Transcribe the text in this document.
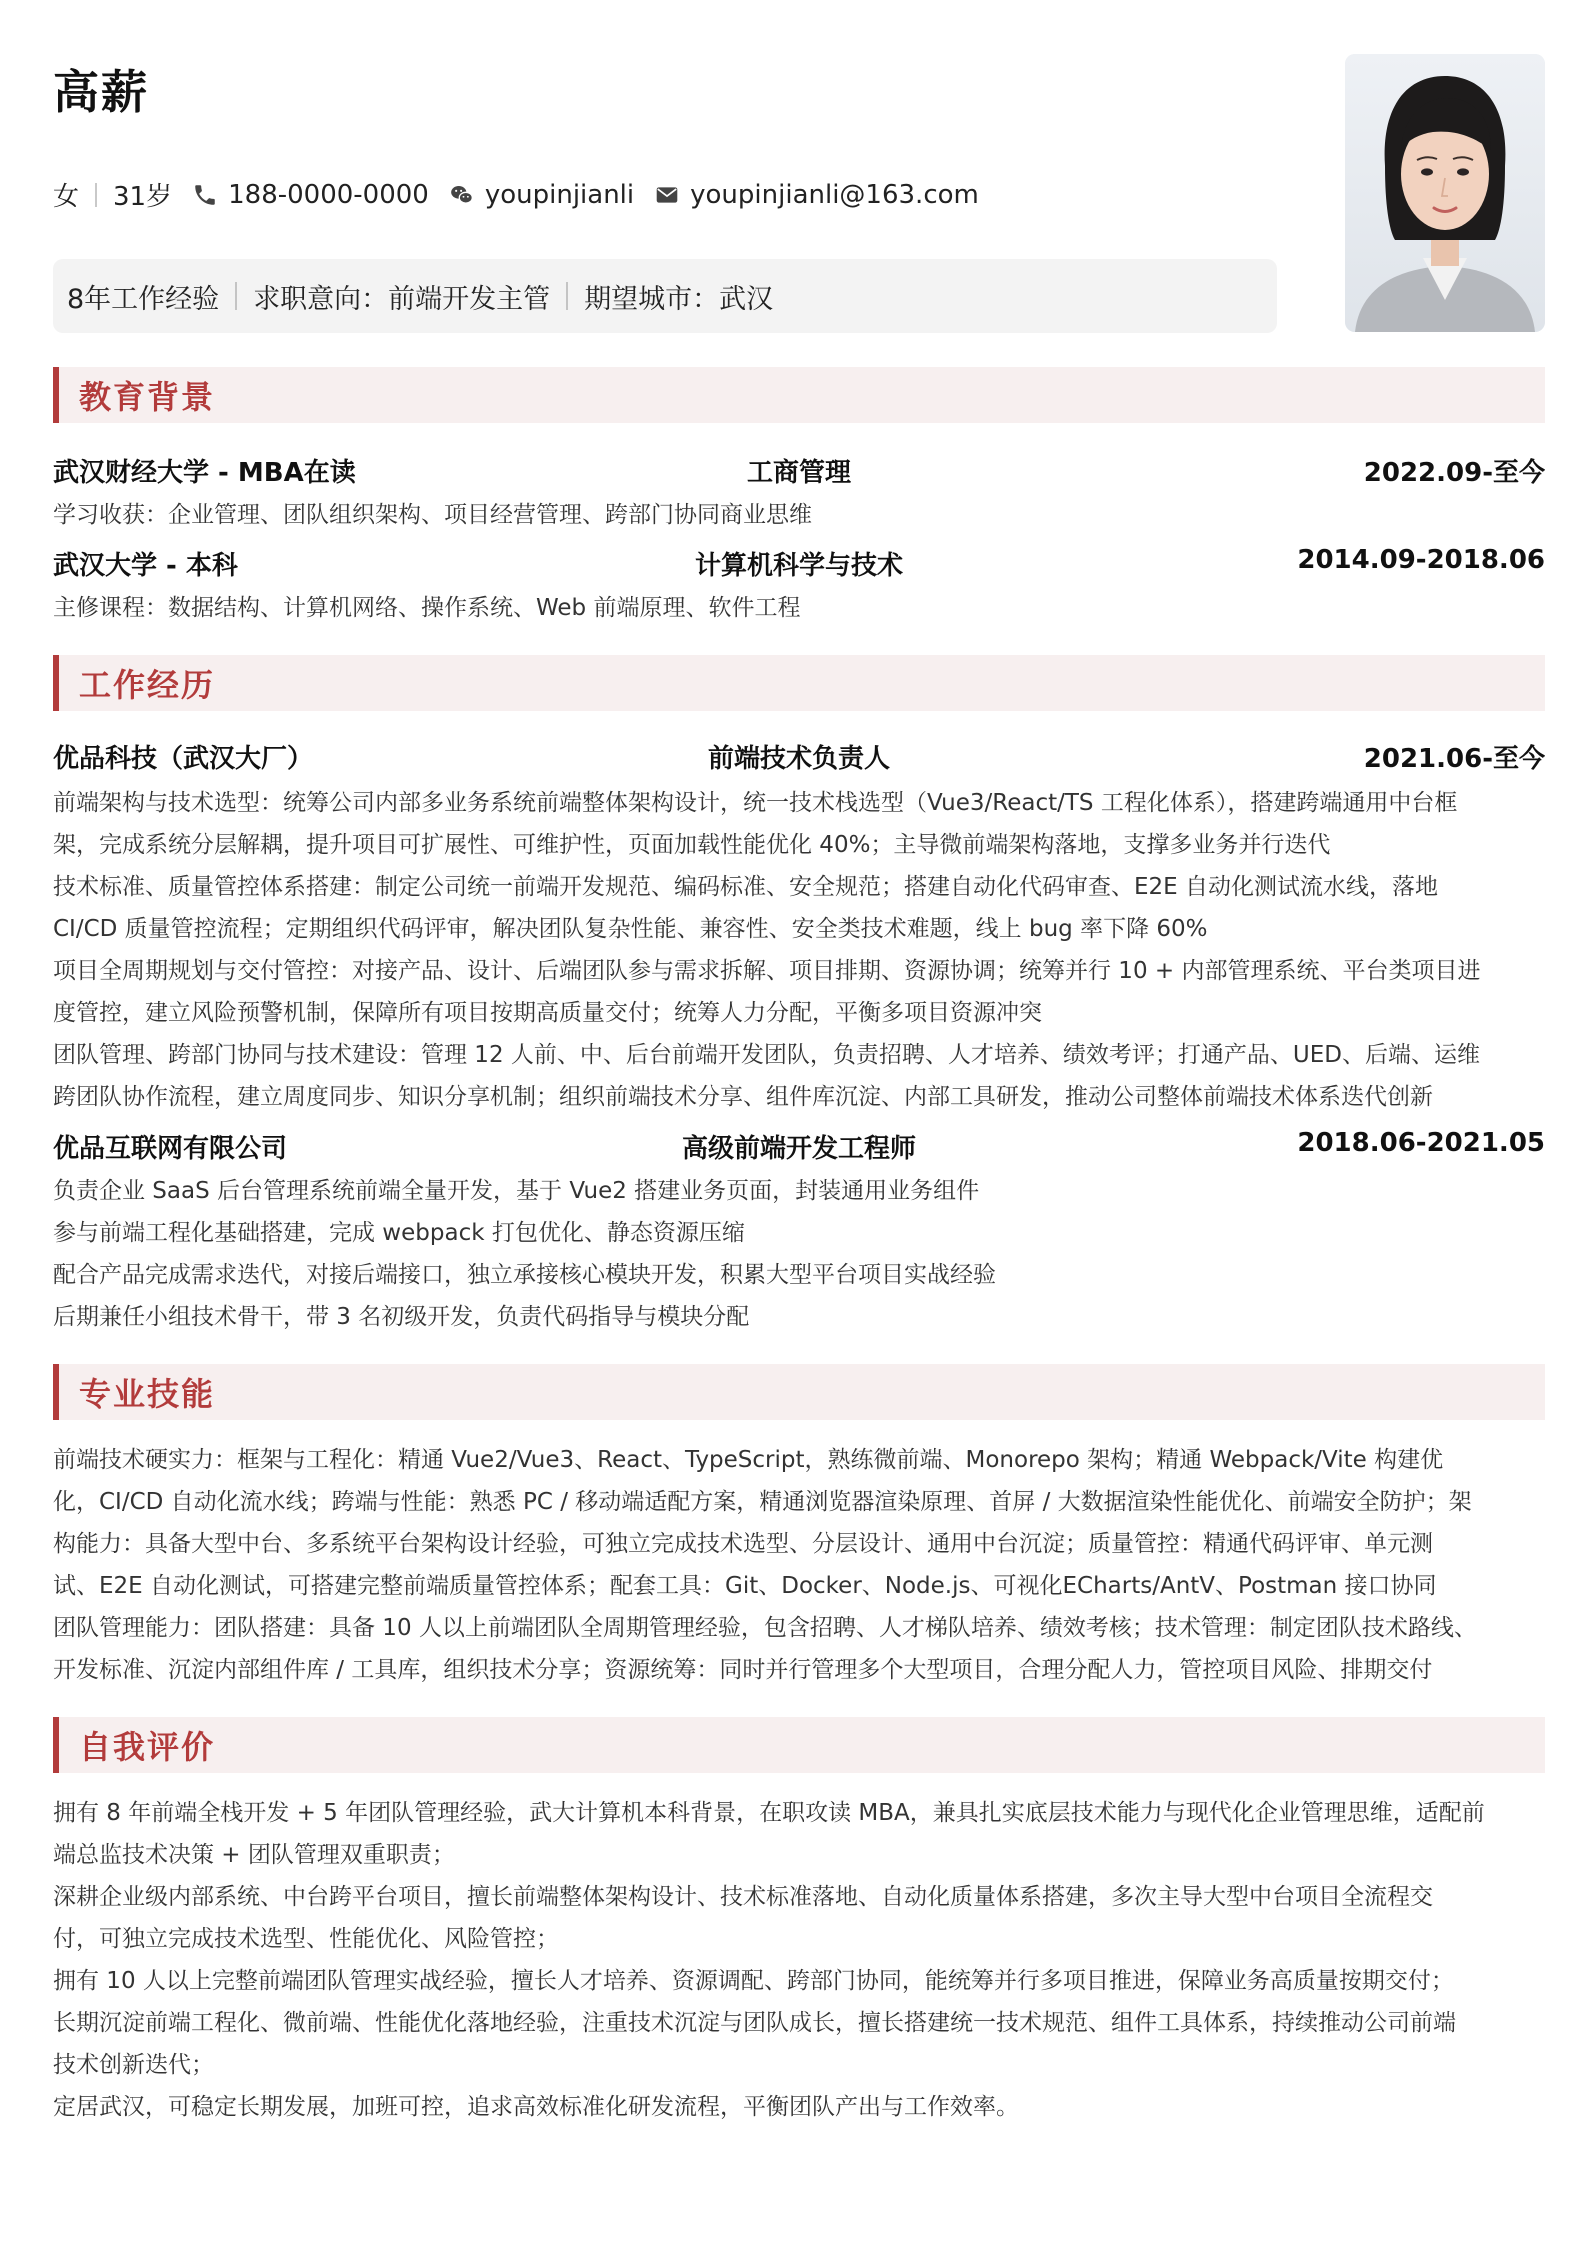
高薪
女 31岁 188-0000-0000 youpinjianli youpinjianli@163.com
8年工作经验 求职意向：前端开发主管 期望城市：武汉
教育背景
武汉财经大学 - MBA在读	工商管理	2022.09-至今
学习收获：企业管理、团队组织架构、项目经营管理、跨部门协同商业思维
武汉大学 - 本科	计算机科学与技术	2014.09-2018.06
主修课程：数据结构、计算机网络、操作系统、Web 前端原理、软件工程
工作经历
优品科技（武汉大厂）	前端技术负责人	2021.06-至今
前端架构与技术选型：统筹公司内部多业务系统前端整体架构设计，统一技术栈选型（Vue3/React/TS 工程化体系），搭建跨端通用中台框
架，完成系统分层解耦，提升项目可扩展性、可维护性，页面加载性能优化 40%；主导微前端架构落地，支撑多业务并行迭代
技术标准、质量管控体系搭建：制定公司统一前端开发规范、编码标准、安全规范；搭建自动化代码审查、E2E 自动化测试流水线，落地
CI/CD 质量管控流程；定期组织代码评审，解决团队复杂性能、兼容性、安全类技术难题，线上 bug 率下降 60%
项目全周期规划与交付管控：对接产品、设计、后端团队参与需求拆解、项目排期、资源协调；统筹并行 10 + 内部管理系统、平台类项目进
度管控，建立风险预警机制，保障所有项目按期高质量交付；统筹人力分配，平衡多项目资源冲突
团队管理、跨部门协同与技术建设：管理 12 人前、中、后台前端开发团队，负责招聘、人才培养、绩效考评；打通产品、UED、后端、运维
跨团队协作流程，建立周度同步、知识分享机制；组织前端技术分享、组件库沉淀、内部工具研发，推动公司整体前端技术体系迭代创新
优品互联网有限公司	高级前端开发工程师	2018.06-2021.05
负责企业 SaaS 后台管理系统前端全量开发，基于 Vue2 搭建业务页面，封装通用业务组件
参与前端工程化基础搭建，完成 webpack 打包优化、静态资源压缩
配合产品完成需求迭代，对接后端接口，独立承接核心模块开发，积累大型平台项目实战经验
后期兼任小组技术骨干，带 3 名初级开发，负责代码指导与模块分配
专业技能
前端技术硬实力：框架与工程化：精通 Vue2/Vue3、React、TypeScript，熟练微前端、Monorepo 架构；精通 Webpack/Vite 构建优
化，CI/CD 自动化流水线；跨端与性能：熟悉 PC / 移动端适配方案，精通浏览器渲染原理、首屏 / 大数据渲染性能优化、前端安全防护；架
构能力：具备大型中台、多系统平台架构设计经验，可独立完成技术选型、分层设计、通用中台沉淀；质量管控：精通代码评审、单元测
试、E2E 自动化测试，可搭建完整前端质量管控体系；配套工具：Git、Docker、Node.js、可视化ECharts/AntV、Postman 接口协同
团队管理能力：团队搭建：具备 10 人以上前端团队全周期管理经验，包含招聘、人才梯队培养、绩效考核；技术管理：制定团队技术路线、
开发标准、沉淀内部组件库 / 工具库，组织技术分享；资源统筹：同时并行管理多个大型项目，合理分配人力，管控项目风险、排期交付
自我评价
拥有 8 年前端全栈开发 + 5 年团队管理经验，武大计算机本科背景，在职攻读 MBA，兼具扎实底层技术能力与现代化企业管理思维，适配前
端总监技术决策 + 团队管理双重职责；
深耕企业级内部系统、中台跨平台项目，擅长前端整体架构设计、技术标准落地、自动化质量体系搭建，多次主导大型中台项目全流程交
付，可独立完成技术选型、性能优化、风险管控；
拥有 10 人以上完整前端团队管理实战经验，擅长人才培养、资源调配、跨部门协同，能统筹并行多项目推进，保障业务高质量按期交付；
长期沉淀前端工程化、微前端、性能优化落地经验，注重技术沉淀与团队成长，擅长搭建统一技术规范、组件工具体系，持续推动公司前端
技术创新迭代；
定居武汉，可稳定长期发展，加班可控，追求高效标准化研发流程，平衡团队产出与工作效率。
